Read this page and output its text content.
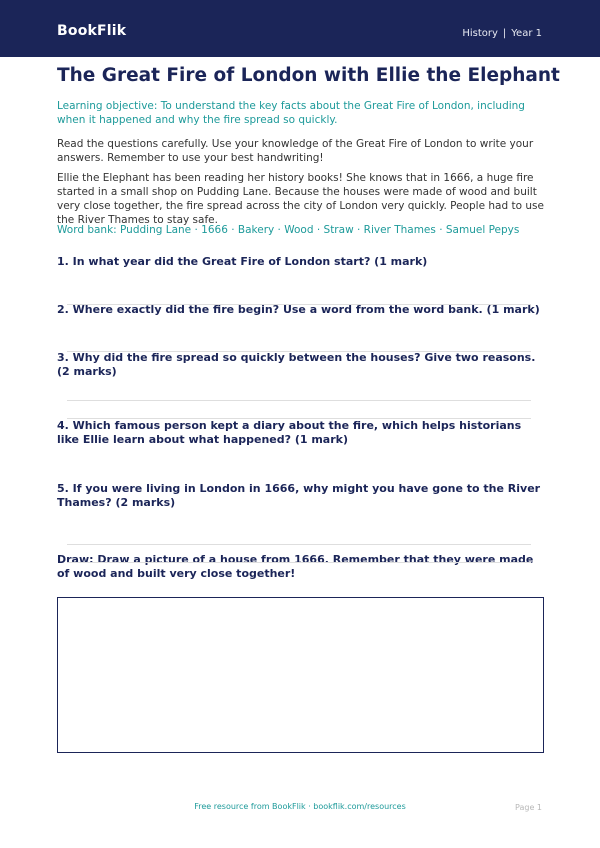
BookFlik	History | Year 1
The Great Fire of London with Ellie the Elephant
Learning objective: To understand the key facts about the Great Fire of London, including when it happened and why the fire spread so quickly.
Read the questions carefully. Use your knowledge of the Great Fire of London to write your answers. Remember to use your best handwriting!
Ellie the Elephant has been reading her history books! She knows that in 1666, a huge fire started in a small shop on Pudding Lane. Because the houses were made of wood and built very close together, the fire spread across the city of London very quickly. People had to use the River Thames to stay safe.
Word bank: Pudding Lane · 1666 · Bakery · Wood · Straw · River Thames · Samuel Pepys
1. In what year did the Great Fire of London start? (1 mark)
2. Where exactly did the fire begin? Use a word from the word bank. (1 mark)
3. Why did the fire spread so quickly between the houses? Give two reasons. (2 marks)
4. Which famous person kept a diary about the fire, which helps historians like Ellie learn about what happened? (1 mark)
5. If you were living in London in 1666, why might you have gone to the River Thames? (2 marks)
Draw: Draw a picture of a house from 1666. Remember that they were made of wood and built very close together!
Free resource from BookFlik · bookflik.com/resources	Page 1
